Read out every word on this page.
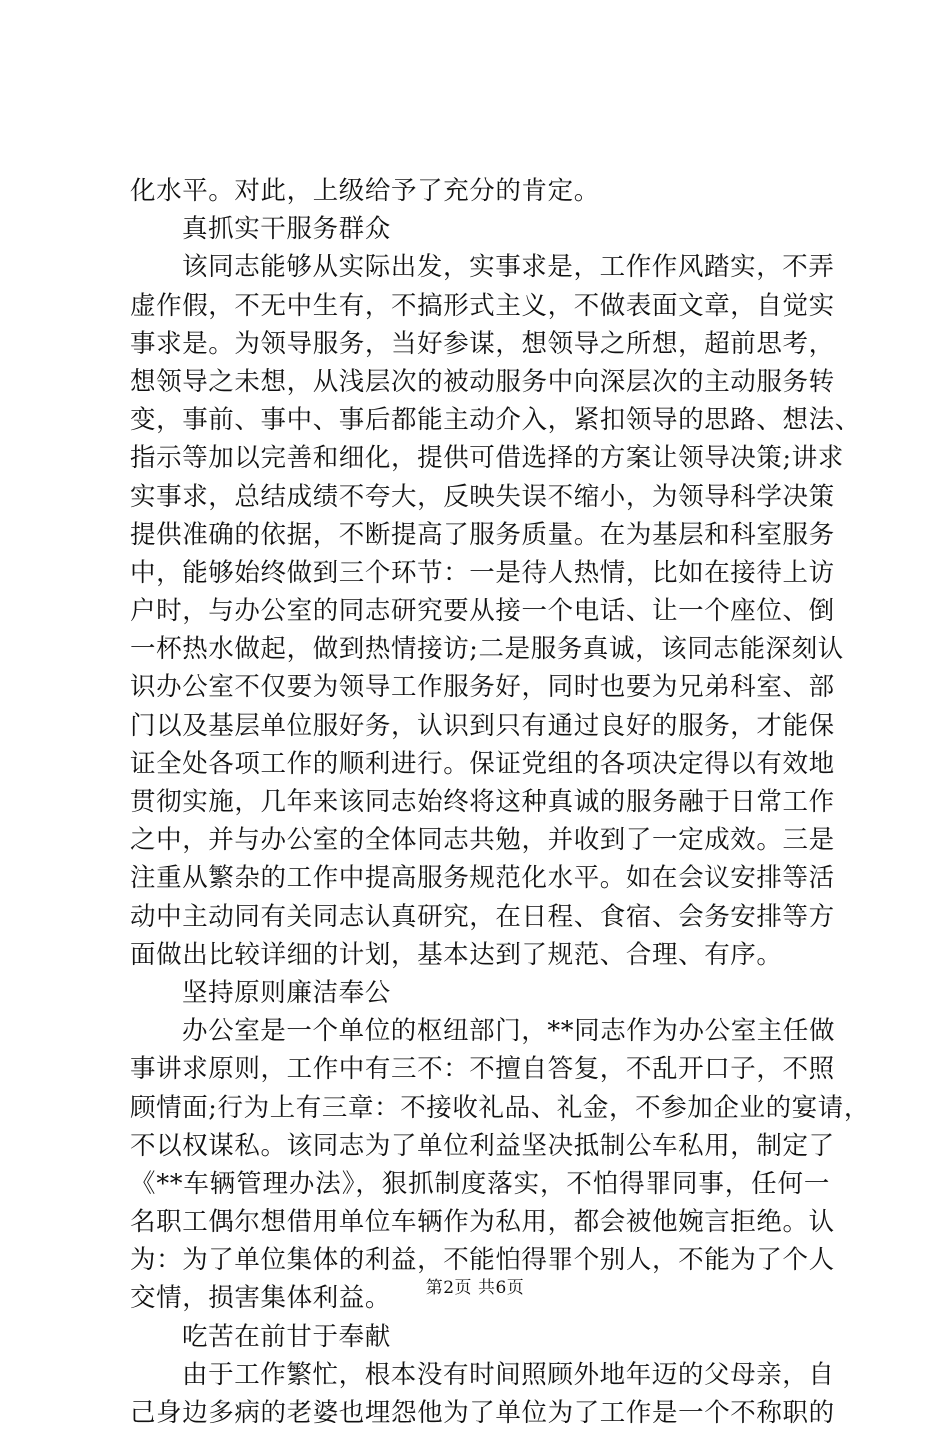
化水平。对此，上级给予了充分的肯定。
真抓实干服务群众
该同志能够从实际出发，实事求是，工作作风踏实，不弄
虚作假，不无中生有，不搞形式主义，不做表面文章，自觉实
事求是。为领导服务，当好参谋，想领导之所想，超前思考，
想领导之未想，从浅层次的被动服务中向深层次的主动服务转
变，事前、事中、事后都能主动介入，紧扣领导的思路、想法、
指示等加以完善和细化，提供可借选择的方案让领导决策;讲求
实事求，总结成绩不夸大，反映失误不缩小，为领导科学决策
提供准确的依据，不断提高了服务质量。在为基层和科室服务
中，能够始终做到三个环节：一是待人热情，比如在接待上访
户时，与办公室的同志研究要从接一个电话、让一个座位、倒
一杯热水做起，做到热情接访;二是服务真诚，该同志能深刻认
识办公室不仅要为领导工作服务好，同时也要为兄弟科室、部
门以及基层单位服好务，认识到只有通过良好的服务，才能保
证全处各项工作的顺利进行。保证党组的各项决定得以有效地
贯彻实施，几年来该同志始终将这种真诚的服务融于日常工作
之中，并与办公室的全体同志共勉，并收到了一定成效。三是
注重从繁杂的工作中提高服务规范化水平。如在会议安排等活
动中主动同有关同志认真研究，在日程、食宿、会务安排等方
面做出比较详细的计划，基本达到了规范、合理、有序。
坚持原则廉洁奉公
办公室是一个单位的枢纽部门，**同志作为办公室主任做
事讲求原则，工作中有三不：不擅自答复，不乱开口子，不照
顾情面;行为上有三章：不接收礼品、礼金，不参加企业的宴请，
不以权谋私。该同志为了单位利益坚决抵制公车私用，制定了
《**车辆管理办法》，狠抓制度落实，不怕得罪同事，任何一
名职工偶尔想借用单位车辆作为私用，都会被他婉言拒绝。认
为：为了单位集体的利益，不能怕得罪个别人，不能为了个人
交情，损害集体利益。
吃苦在前甘于奉献
由于工作繁忙，根本没有时间照顾外地年迈的父母亲，自
己身边多病的老婆也埋怨他为了单位为了工作是一个不称职的
第2页 共6页
